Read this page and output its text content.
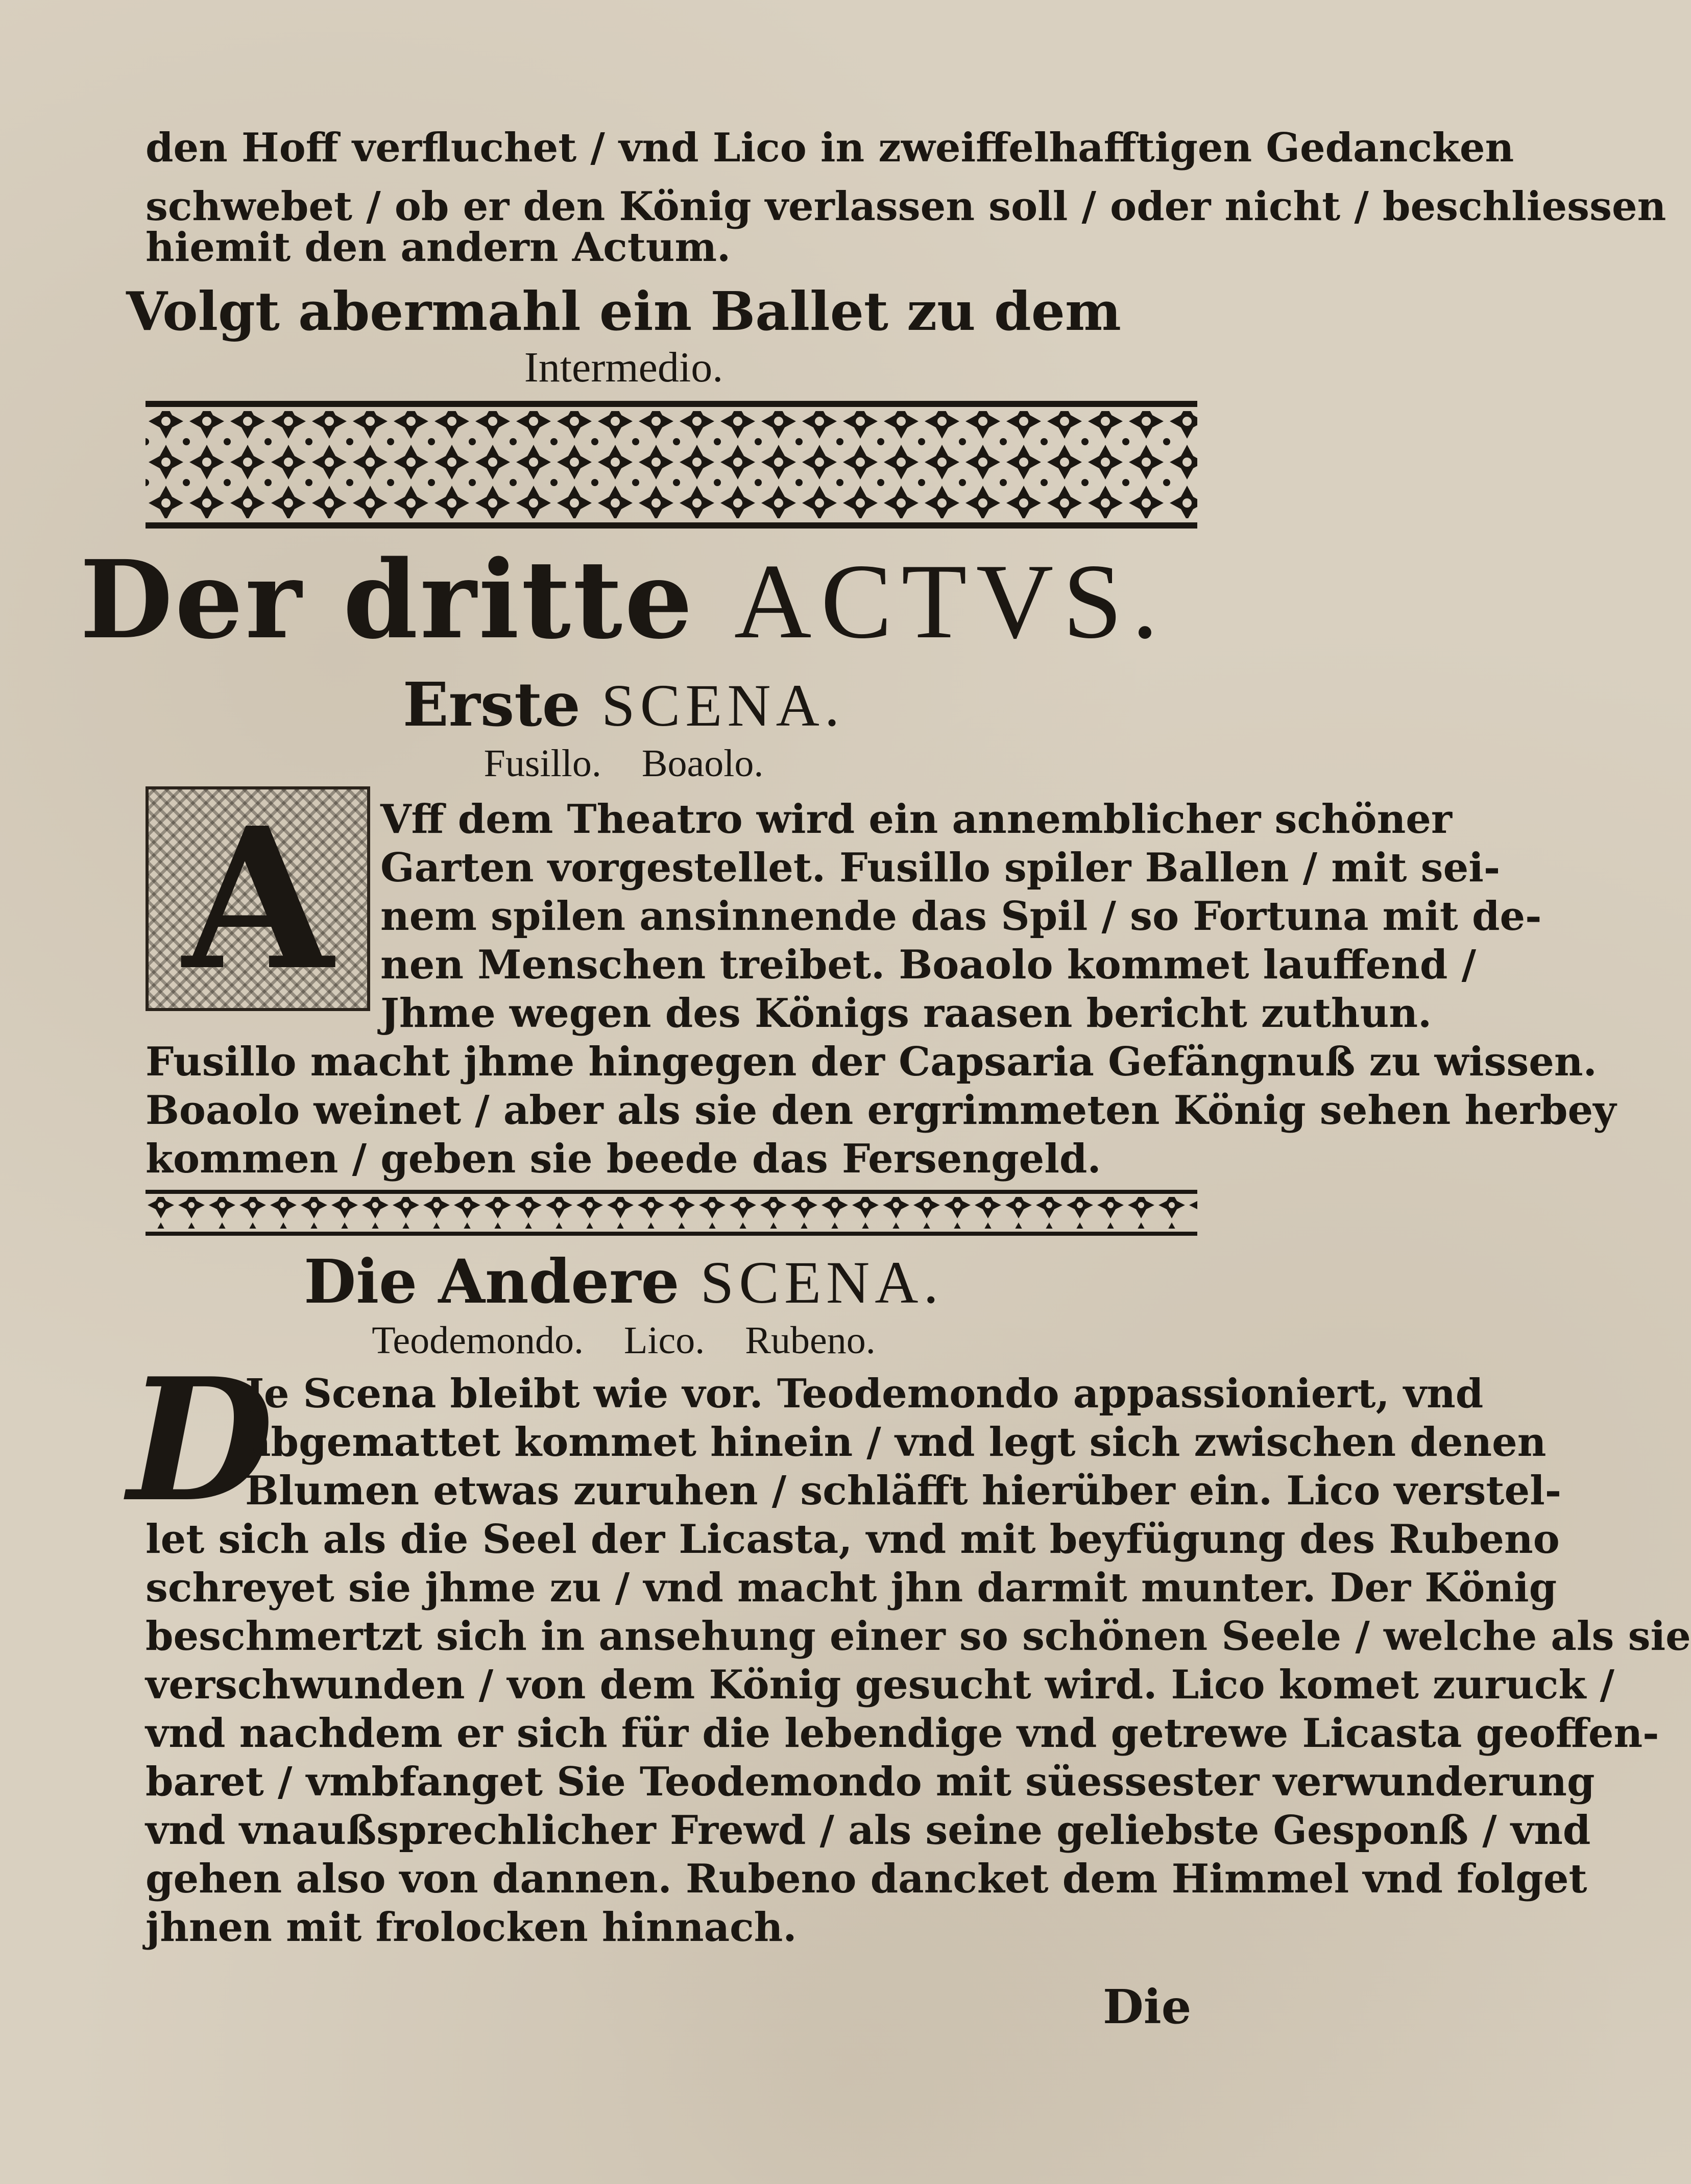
den Hoff verfluchet / vnd Lico in zweiffelhafftigen Gedancken
schwebet / ob er den König verlassen soll / oder nicht / beschliessen
hiemit den andern Actum.
Volgt abermahl ein Ballet zu dem
Intermedio.
Der dritte ACTVS.
Erste SCENA.
Fusillo. Boaolo.
A	Vff dem Theatro wird ein annemblicher schöner
Garten vorgestellet. Fusillo spiler Ballen / mit sei-
nem spilen ansinnende das Spil / so Fortuna mit de-
nen Menschen treibet. Boaolo kommet lauffend /
Jhme wegen des Königs raasen bericht zuthun.
Fusillo macht jhme hingegen der Capsaria Gefängnuß zu wissen.
Boaolo weinet / aber als sie den ergrimmeten König sehen herbey
kommen / geben sie beede das Fersengeld.
Die Andere SCENA.
Teodemondo. Lico. Rubeno.
D
Je Scena bleibt wie vor. Teodemondo appassioniert, vnd
abgemattet kommet hinein / vnd legt sich zwischen denen
Blumen etwas zuruhen / schläfft hierüber ein. Lico verstel-
let sich als die Seel der Licasta, vnd mit beyfügung des Rubeno
schreyet sie jhme zu / vnd macht jhn darmit munter. Der König
beschmertzt sich in ansehung einer so schönen Seele / welche als sie
verschwunden / von dem König gesucht wird. Lico komet zuruck /
vnd nachdem er sich für die lebendige vnd getrewe Licasta geoffen-
baret / vmbfanget Sie Teodemondo mit süessester verwunderung
vnd vnaußsprechlicher Frewd / als seine geliebste Gesponß / vnd
gehen also von dannen. Rubeno dancket dem Himmel vnd folget
jhnen mit frolocken hinnach.
Die
